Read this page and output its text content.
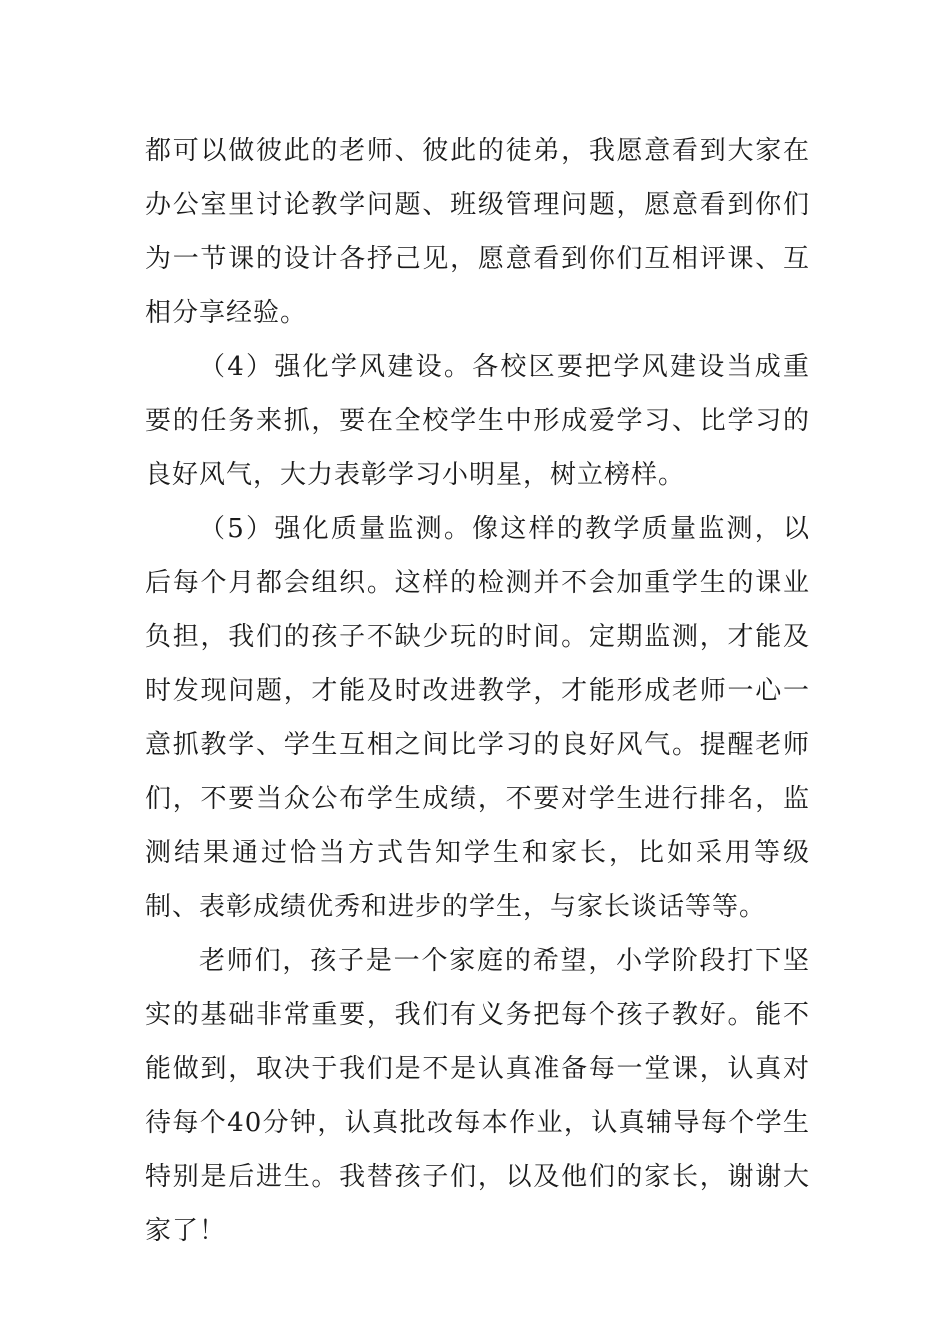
都可以做彼此的老师、彼此的徒弟，我愿意看到大家在办公室里讨论教学问题、班级管理问题，愿意看到你们为一节课的设计各抒己见，愿意看到你们互相评课、互相分享经验。

（4）强化学风建设。各校区要把学风建设当成重要的任务来抓，要在全校学生中形成爱学习、比学习的良好风气，大力表彰学习小明星，树立榜样。

（5）强化质量监测。像这样的教学质量监测，以后每个月都会组织。这样的检测并不会加重学生的课业负担，我们的孩子不缺少玩的时间。定期监测，才能及时发现问题，才能及时改进教学，才能形成老师一心一意抓教学、学生互相之间比学习的良好风气。提醒老师们，不要当众公布学生成绩，不要对学生进行排名，监测结果通过恰当方式告知学生和家长，比如采用等级制、表彰成绩优秀和进步的学生，与家长谈话等等。

老师们，孩子是一个家庭的希望，小学阶段打下坚实的基础非常重要，我们有义务把每个孩子教好。能不能做到，取决于我们是不是认真准备每一堂课，认真对待每个40分钟，认真批改每本作业，认真辅导每个学生特别是后进生。我替孩子们，以及他们的家长，谢谢大家了！
